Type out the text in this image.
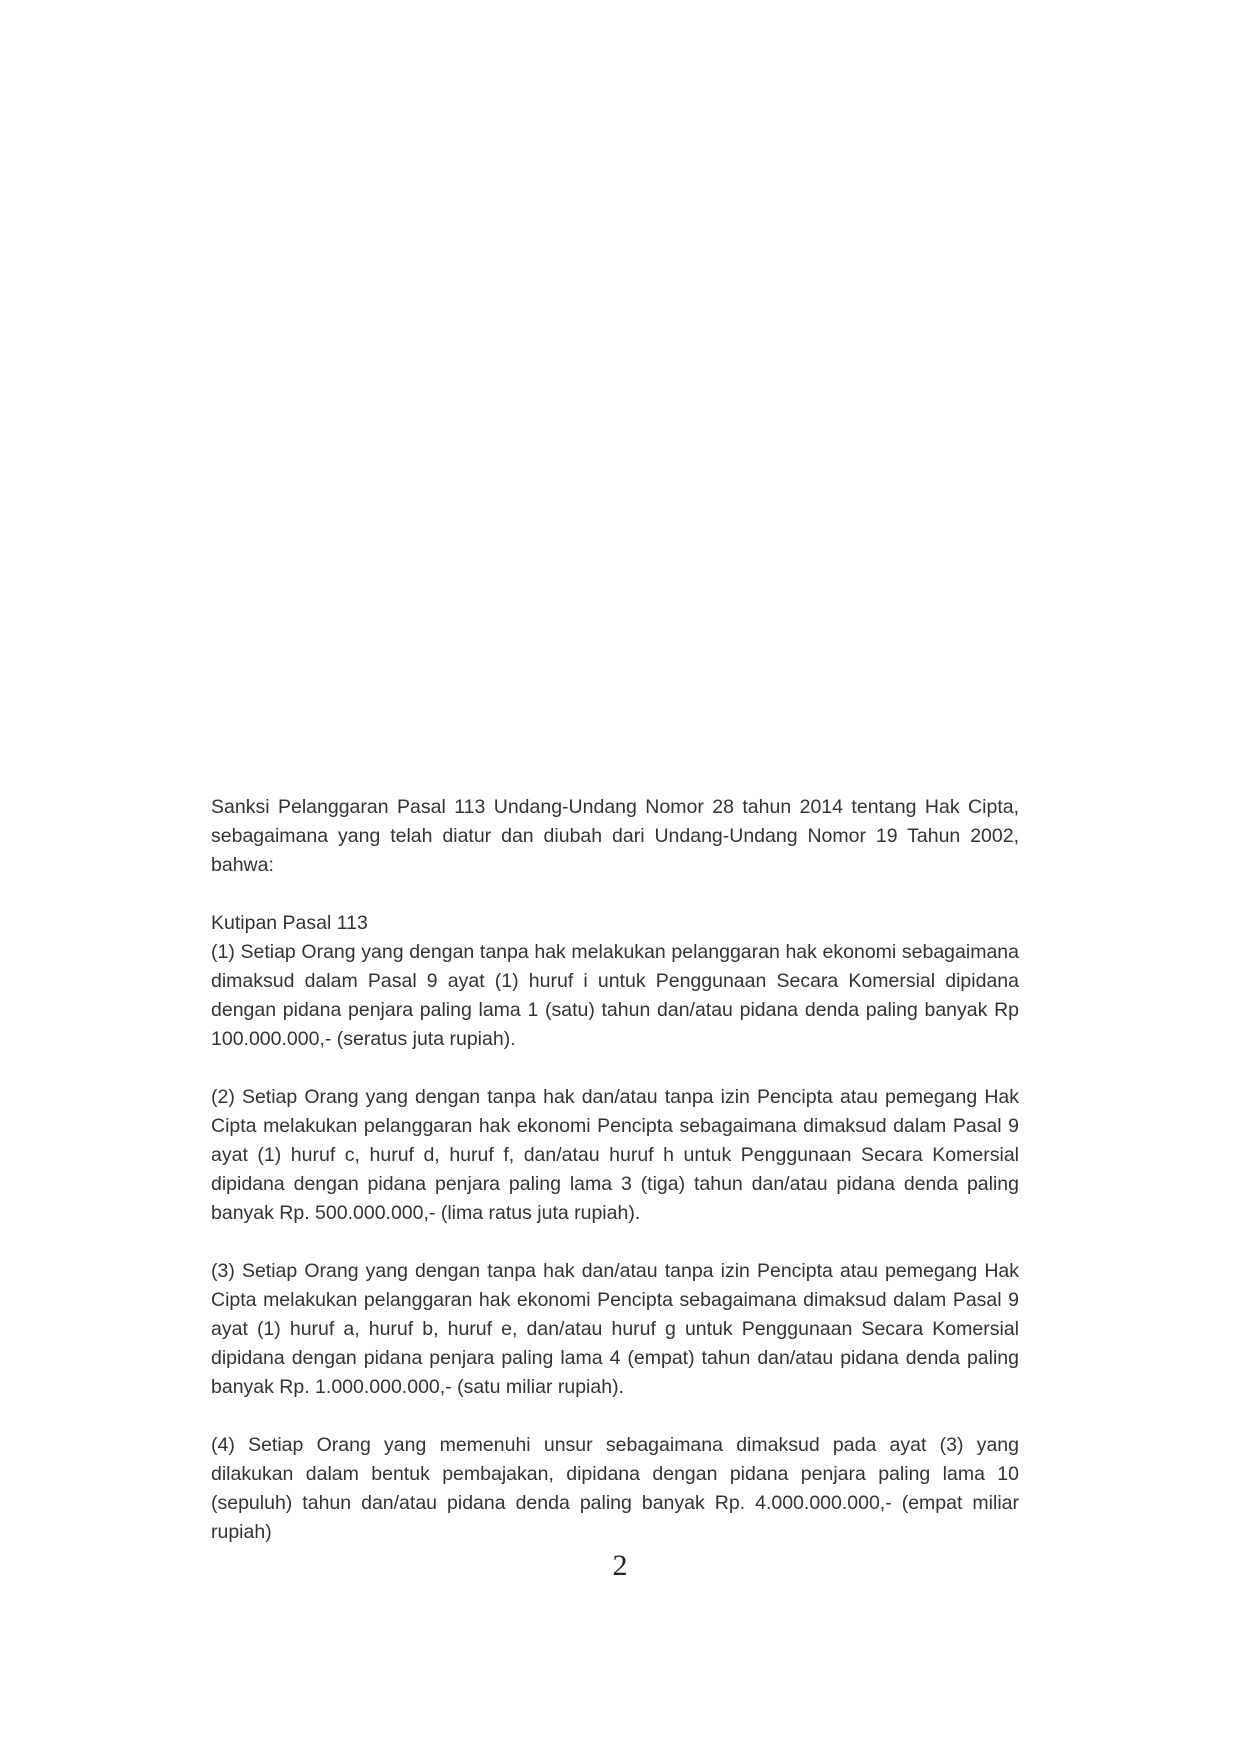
Sanksi Pelanggaran Pasal 113 Undang-Undang Nomor 28 tahun 2014 tentang Hak Cipta, sebagaimana yang telah diatur dan diubah dari Undang-Undang Nomor 19 Tahun 2002, bahwa:

Kutipan Pasal 113

(1) Setiap Orang yang dengan tanpa hak melakukan pelanggaran hak ekonomi sebagaimana dimaksud dalam Pasal 9 ayat (1) huruf i untuk Penggunaan Secara Komersial dipidana dengan pidana penjara paling lama 1 (satu) tahun dan/atau pidana denda paling banyak Rp 100.000.000,- (seratus juta rupiah).

(2) Setiap Orang yang dengan tanpa hak dan/atau tanpa izin Pencipta atau pemegang Hak Cipta melakukan pelanggaran hak ekonomi Pencipta sebagaimana dimaksud dalam Pasal 9 ayat (1) huruf c, huruf d, huruf f, dan/atau huruf h untuk Penggunaan Secara Komersial dipidana dengan pidana penjara paling lama 3 (tiga) tahun dan/atau pidana denda paling banyak Rp. 500.000.000,- (lima ratus juta rupiah).

(3) Setiap Orang yang dengan tanpa hak dan/atau tanpa izin Pencipta atau pemegang Hak Cipta melakukan pelanggaran hak ekonomi Pencipta sebagaimana dimaksud dalam Pasal 9 ayat (1) huruf a, huruf b, huruf e, dan/atau huruf g untuk Penggunaan Secara Komersial dipidana dengan pidana penjara paling lama 4 (empat) tahun dan/atau pidana denda paling banyak Rp. 1.000.000.000,- (satu miliar rupiah).

(4) Setiap Orang yang memenuhi unsur sebagaimana dimaksud pada ayat (3) yang dilakukan dalam bentuk pembajakan, dipidana dengan pidana penjara paling lama 10 (sepuluh) tahun dan/atau pidana denda paling banyak Rp. 4.000.000.000,- (empat miliar rupiah)

2
